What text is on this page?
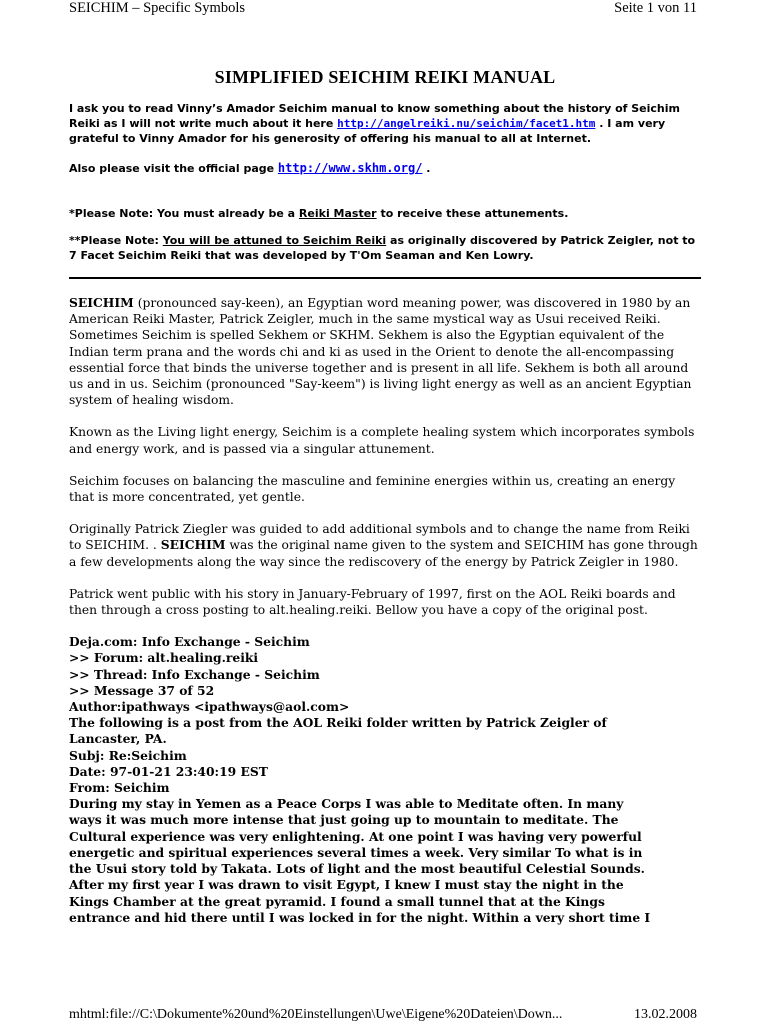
SEICHIM – Specific Symbols	Seite 1 von 11
SIMPLIFIED SEICHIM REIKI MANUAL
I ask you to read Vinny’s Amador Seichim manual to know something about the history of Seichim Reiki as I will not write much about it here http://angelreiki.nu/seichim/facet1.htm . I am very grateful to Vinny Amador for his generosity of offering his manual to all at Internet.
Also please visit the official page http://www.skhm.org/ .
*Please Note: You must already be a Reiki Master to receive these attunements.
**Please Note: You will be attuned to Seichim Reiki as originally discovered by Patrick Zeigler, not to 7 Facet Seichim Reiki that was developed by T'Om Seaman and Ken Lowry.

SEICHIM (pronounced say-keen), an Egyptian word meaning power, was discovered in 1980 by an American Reiki Master, Patrick Zeigler, much in the same mystical way as Usui received Reiki. Sometimes Seichim is spelled Sekhem or SKHM. Sekhem is also the Egyptian equivalent of the Indian term prana and the words chi and ki as used in the Orient to denote the all-encompassing essential force that binds the universe together and is present in all life. Sekhem is both all around us and in us. Seichim (pronounced "Say-keem") is living light energy as well as an ancient Egyptian system of healing wisdom.

Known as the Living light energy, Seichim is a complete healing system which incorporates symbols and energy work, and is passed via a singular attunement.

Seichim focuses on balancing the masculine and feminine energies within us, creating an energy that is more concentrated, yet gentle.

Originally Patrick Ziegler was guided to add additional symbols and to change the name from Reiki to SEICHIM. . SEICHIM was the original name given to the system and SEICHIM has gone through a few developments along the way since the rediscovery of the energy by Patrick Zeigler in 1980.

Patrick went public with his story in January-February of 1997, first on the AOL Reiki boards and then through a cross posting to alt.healing.reiki. Bellow you have a copy of the original post.

Deja.com: Info Exchange - Seichim
>> Forum: alt.healing.reiki
>> Thread: Info Exchange - Seichim
>> Message 37 of 52
Author:ipathways <ipathways@aol.com>
The following is a post from the AOL Reiki folder written by Patrick Zeigler of
Lancaster, PA.
Subj: Re:Seichim
Date: 97-01-21 23:40:19 EST
From: Seichim
During my stay in Yemen as a Peace Corps I was able to Meditate often. In many
ways it was much more intense that just going up to mountain to meditate. The
Cultural experience was very enlightening. At one point I was having very powerful
energetic and spiritual experiences several times a week. Very similar To what is in
the Usui story told by Takata. Lots of light and the most beautiful Celestial Sounds.
After my first year I was drawn to visit Egypt, I knew I must stay the night in the
Kings Chamber at the great pyramid. I found a small tunnel that at the Kings
entrance and hid there until I was locked in for the night. Within a very short time I
mhtml:file://C:\Dokumente%20und%20Einstellungen\Uwe\Eigene%20Dateien\Down...	13.02.2008
